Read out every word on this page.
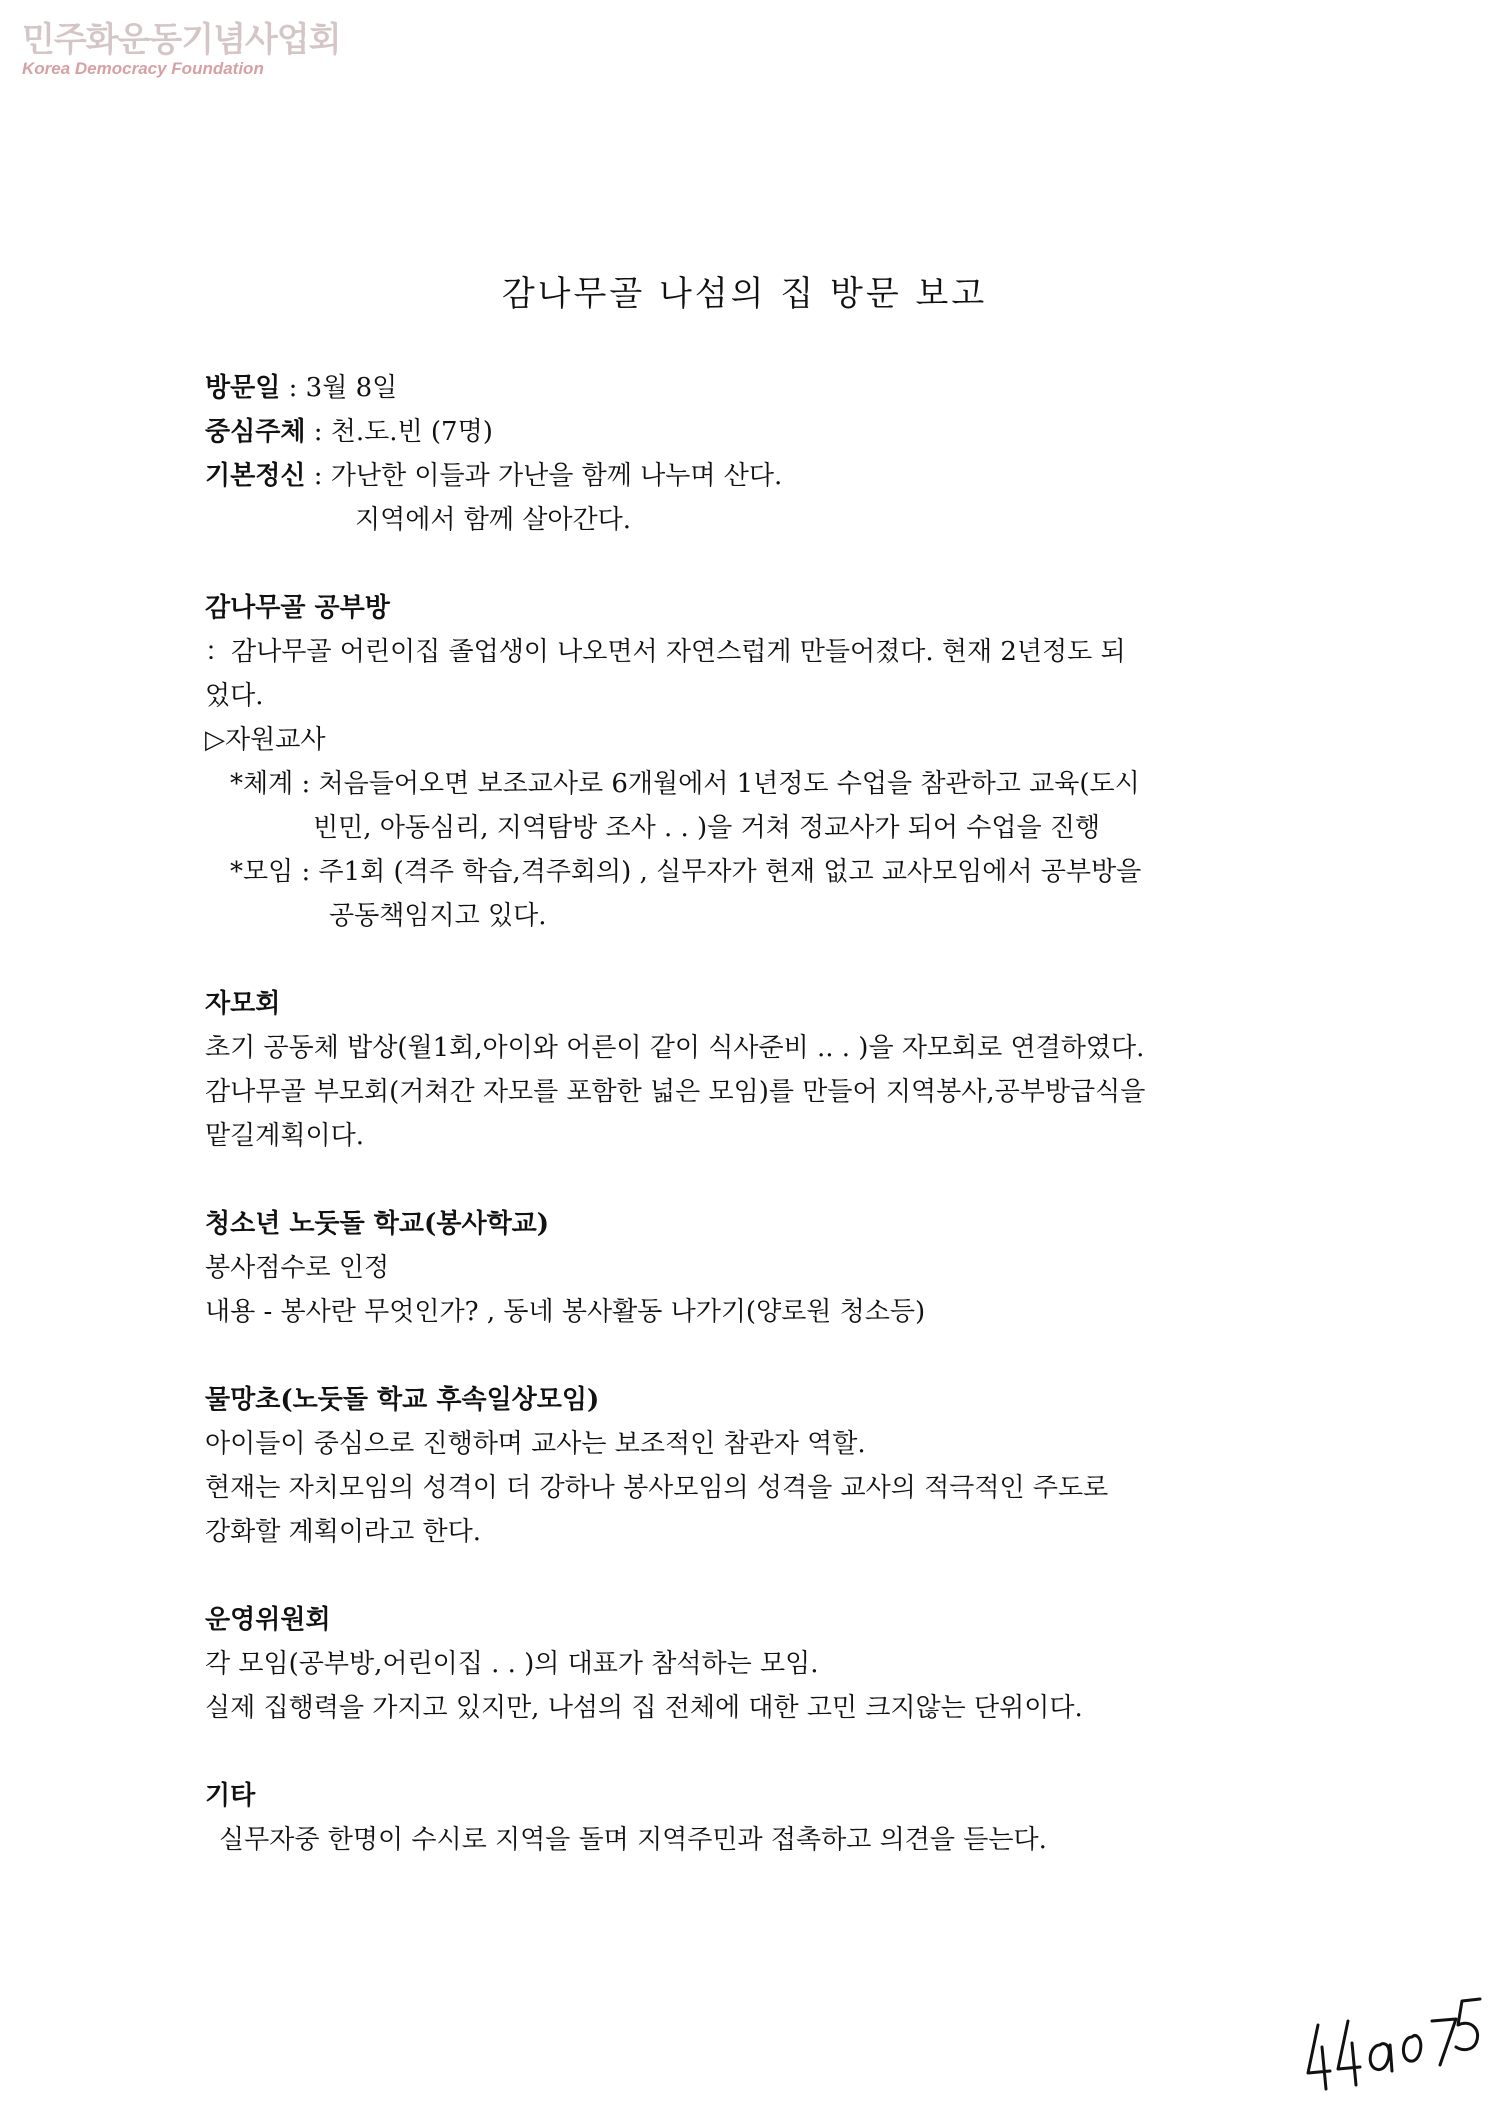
민주화운동기념사업회
Korea Democracy Foundation
감나무골 나섬의 집 방문 보고
방문일 : 3월 8일
중심주체 : 천.도.빈 (7명)
기본정신 : 가난한 이들과 가난을 함께 나누며 산다.
지역에서 함께 살아간다.
감나무골 공부방
：감나무골 어린이집 졸업생이 나오면서 자연스럽게 만들어졌다. 현재 2년정도 되
었다.
▷자원교사
*체계 : 처음들어오면 보조교사로 6개월에서 1년정도 수업을 참관하고 교육(도시
빈민, 아동심리, 지역탐방 조사 . . )을 거쳐 정교사가 되어 수업을 진행
*모임 : 주1회 (격주 학습,격주회의) , 실무자가 현재 없고 교사모임에서 공부방을
공동책임지고 있다.
자모회
초기 공동체 밥상(월1회,아이와 어른이 같이 식사준비 .. . )을 자모회로 연결하였다.
감나무골 부모회(거쳐간 자모를 포함한 넓은 모임)를 만들어 지역봉사,공부방급식을
맡길계획이다.
청소년 노둣돌 학교(봉사학교)
봉사점수로 인정
내용 - 봉사란 무엇인가? , 동네 봉사활동 나가기(양로원 청소등)
물망초(노둣돌 학교 후속일상모임)
아이들이 중심으로 진행하며 교사는 보조적인 참관자 역할.
현재는 자치모임의 성격이 더 강하나 봉사모임의 성격을 교사의 적극적인 주도로
강화할 계획이라고 한다.
운영위원회
각 모임(공부방,어린이집 . . )의 대표가 참석하는 모임.
실제 집행력을 가지고 있지만, 나섬의 집 전체에 대한 고민 크지않는 단위이다.
기타
실무자중 한명이 수시로 지역을 돌며 지역주민과 접촉하고 의견을 듣는다.
